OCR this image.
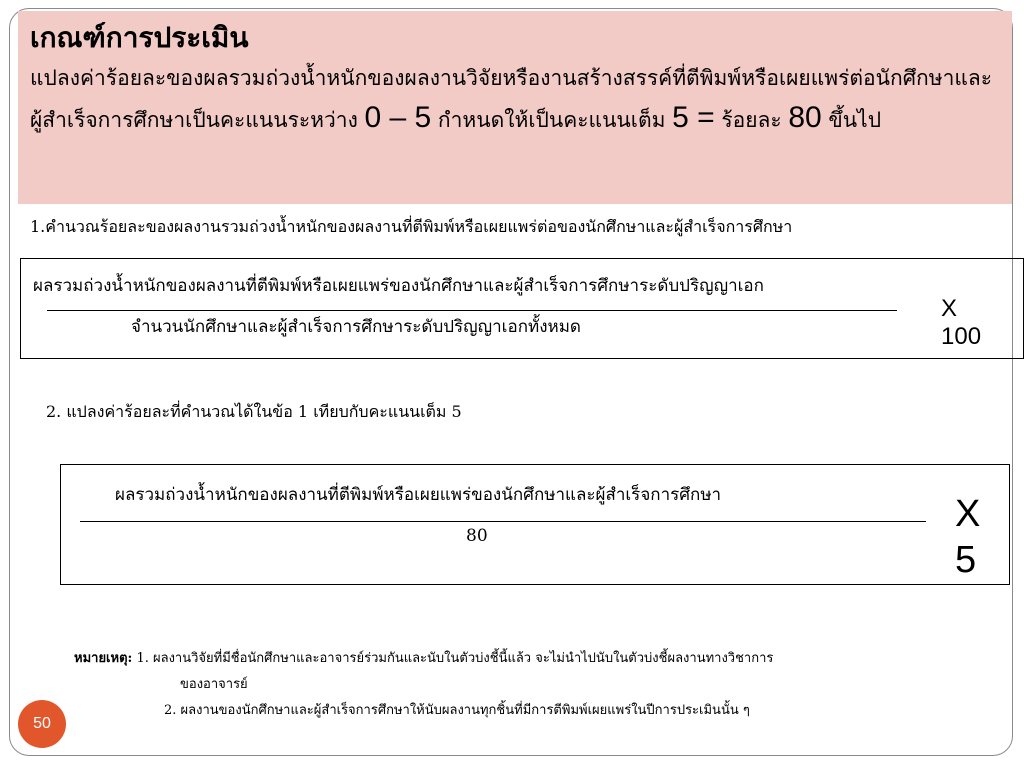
เกณฑ์การประเมิน
แปลงค่าร้อยละของผลรวมถ่วงน้ำหนักของผลงานวิจัยหรืองานสร้างสรรค์ที่ตีพิมพ์หรือเผยแพร่ต่อนักศึกษาและผู้สำเร็จการศึกษาเป็นคะแนนระหว่าง 0 – 5 กำหนดให้เป็นคะแนนเต็ม 5 = ร้อยละ 80 ขึ้นไป
1.คำนวณร้อยละของผลงานรวมถ่วงน้ำหนักของผลงานที่ตีพิมพ์หรือเผยแพร่ต่อของนักศึกษาและผู้สำเร็จการศึกษา
ผลรวมถ่วงน้ำหนักของผลงานที่ตีพิมพ์หรือเผยแพร่ของนักศึกษาและผู้สำเร็จการศึกษาระดับปริญญาเอก
จำนวนนักศึกษาและผู้สำเร็จการศึกษาระดับปริญญาเอกทั้งหมด
X
100
2. แปลงค่าร้อยละที่คำนวณได้ในข้อ 1 เทียบกับคะแนนเต็ม 5
ผลรวมถ่วงน้ำหนักของผลงานที่ตีพิมพ์หรือเผยแพร่ของนักศึกษาและผู้สำเร็จการศึกษา
80
X
5
หมายเหตุ: 1. ผลงานวิจัยที่มีชื่อนักศึกษาและอาจารย์ร่วมกันและนับในตัวบ่งชี้นี้แล้ว จะไม่นำไปนับในตัวบ่งชี้ผลงานทางวิชาการ
ของอาจารย์
2. ผลงานของนักศึกษาและผู้สำเร็จการศึกษาให้นับผลงานทุกชิ้นที่มีการตีพิมพ์เผยแพร่ในปีการประเมินนั้น ๆ
50
